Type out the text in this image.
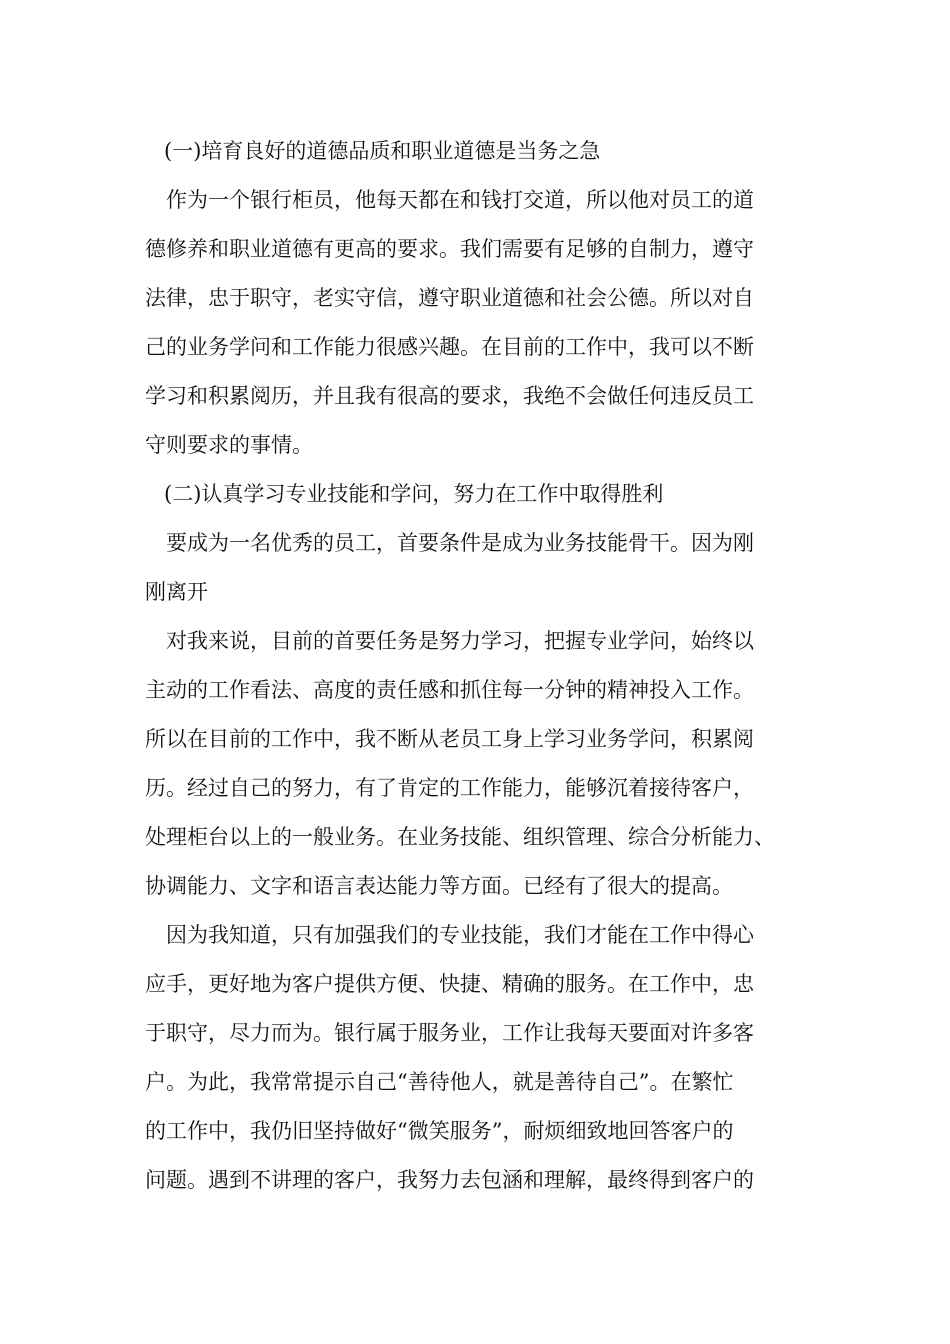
(一)培育良好的道德品质和职业道德是当务之急
作为一个银行柜员，他每天都在和钱打交道，所以他对员工的道
德修养和职业道德有更高的要求。我们需要有足够的自制力，遵守
法律，忠于职守，老实守信，遵守职业道德和社会公德。所以对自
己的业务学问和工作能力很感兴趣。在目前的工作中，我可以不断
学习和积累阅历，并且我有很高的要求，我绝不会做任何违反员工
守则要求的事情。
(二)认真学习专业技能和学问，努力在工作中取得胜利
要成为一名优秀的员工，首要条件是成为业务技能骨干。因为刚
刚离开
对我来说，目前的首要任务是努力学习，把握专业学问，始终以
主动的工作看法、高度的责任感和抓住每一分钟的精神投入工作。
所以在目前的工作中，我不断从老员工身上学习业务学问，积累阅
历。经过自己的努力，有了肯定的工作能力，能够沉着接待客户，
处理柜台以上的一般业务。在业务技能、组织管理、综合分析能力、
协调能力、文字和语言表达能力等方面。已经有了很大的提高。
因为我知道，只有加强我们的专业技能，我们才能在工作中得心
应手，更好地为客户提供方便、快捷、精确的服务。在工作中，忠
于职守，尽力而为。银行属于服务业，工作让我每天要面对许多客
户。为此，我常常提示自己“善待他人，就是善待自己”。在繁忙
的工作中，我仍旧坚持做好“微笑服务”，耐烦细致地回答客户的
问题。遇到不讲理的客户，我努力去包涵和理解，最终得到客户的
